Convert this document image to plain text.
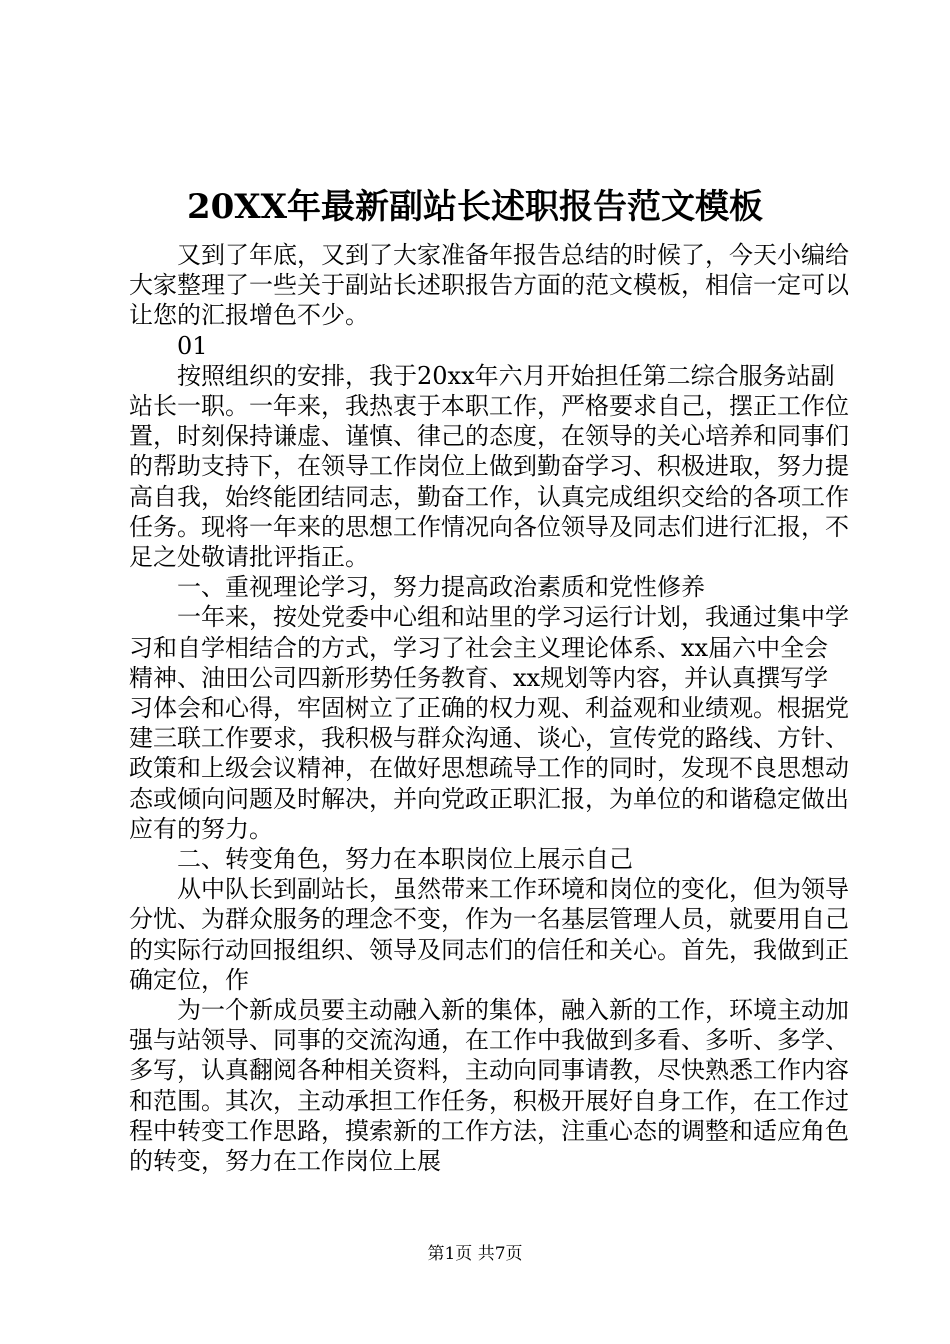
20XX年最新副站长述职报告范文模板

又到了年底，又到了大家准备年报告总结的时候了，今天小编给大家整理了一些关于副站长述职报告方面的范文模板，相信一定可以让您的汇报增色不少。

01

按照组织的安排，我于20xx年六月开始担任第二综合服务站副站长一职。一年来，我热衷于本职工作，严格要求自己，摆正工作位置，时刻保持谦虚、谨慎、律己的态度，在领导的关心培养和同事们的帮助支持下，在领导工作岗位上做到勤奋学习、积极进取，努力提高自我，始终能团结同志，勤奋工作，认真完成组织交给的各项工作任务。现将一年来的思想工作情况向各位领导及同志们进行汇报，不足之处敬请批评指正。

一、重视理论学习，努力提高政治素质和党性修养

一年来，按处党委中心组和站里的学习运行计划，我通过集中学习和自学相结合的方式，学习了社会主义理论体系、xx届六中全会精神、油田公司四新形势任务教育、xx规划等内容，并认真撰写学习体会和心得，牢固树立了正确的权力观、利益观和业绩观。根据党建三联工作要求，我积极与群众沟通、谈心，宣传党的路线、方针、政策和上级会议精神，在做好思想疏导工作的同时，发现不良思想动态或倾向问题及时解决，并向党政正职汇报，为单位的和谐稳定做出应有的努力。

二、转变角色，努力在本职岗位上展示自己

从中队长到副站长，虽然带来工作环境和岗位的变化，但为领导分忧、为群众服务的理念不变，作为一名基层管理人员，就要用自己的实际行动回报组织、领导及同志们的信任和关心。首先，我做到正确定位，作

为一个新成员要主动融入新的集体，融入新的工作，环境主动加强与站领导、同事的交流沟通，在工作中我做到多看、多听、多学、多写，认真翻阅各种相关资料，主动向同事请教，尽快熟悉工作内容和范围。其次，主动承担工作任务，积极开展好自身工作，在工作过程中转变工作思路，摸索新的工作方法，注重心态的调整和适应角色的转变，努力在工作岗位上展

第1页 共7页
